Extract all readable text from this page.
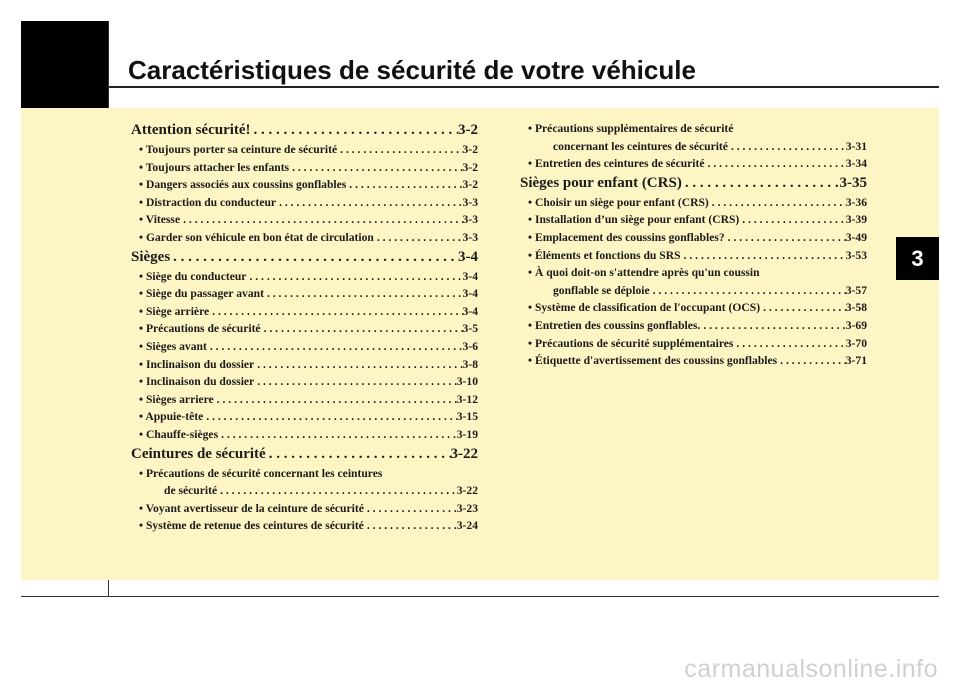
Caractéristiques de sécurité de votre véhicule
3
carmanualsonline.info
Attention sécurité! . . .	3-2
• Toujours porter sa ceinture de sécurité . . .	3-2
• Toujours attacher les enfants . . .	3-2
• Dangers associés aux coussins gonflables . . .	3-2
• Distraction du conducteur . . .	3-3
• Vitesse . . .	3-3
• Garder son véhicule en bon état de circulation . . .	3-3
Sièges . . .	3-4
• Siège du conducteur . . .	3-4
• Siège du passager avant . . .	3-4
• Siège arrière . . .	3-4
• Précautions de sécurité . . .	3-5
• Sièges avant . . .	3-6
• Inclinaison du dossier . . .	3-8
• Inclinaison du dossier . . .	3-10
• Sièges arriere . . .	3-12
• Appuie-tête . . .	3-15
• Chauffe-sièges . . .	3-19
Ceintures de sécurité . . .	3-22
• Précautions de sécurité concernant les ceintures
de sécurité . . .	3-22
• Voyant avertisseur de la ceinture de sécurité . . .	3-23
• Système de retenue des ceintures de sécurité . . .	3-24
• Précautions supplémentaires de sécurité
concernant les ceintures de sécurité . . .	3-31
• Entretien des ceintures de sécurité . . .	3-34
Sièges pour enfant (CRS) . . .	3-35
• Choisir un siège pour enfant (CRS) . . .	3-36
• Installation d’un siège pour enfant (CRS) . . .	3-39
• Emplacement des coussins gonflables? . . .	3-49
• Éléments et fonctions du SRS . . .	3-53
• À quoi doit-on s'attendre après qu'un coussin
gonflable se déploie . . .	3-57
• Système de classification de l'occupant (OCS) . . .	3-58
• Entretien des coussins gonflables. . . .	3-69
• Précautions de sécurité supplémentaires . . .	3-70
• Étiquette d'avertissement des coussins gonflables . . .	3-71
